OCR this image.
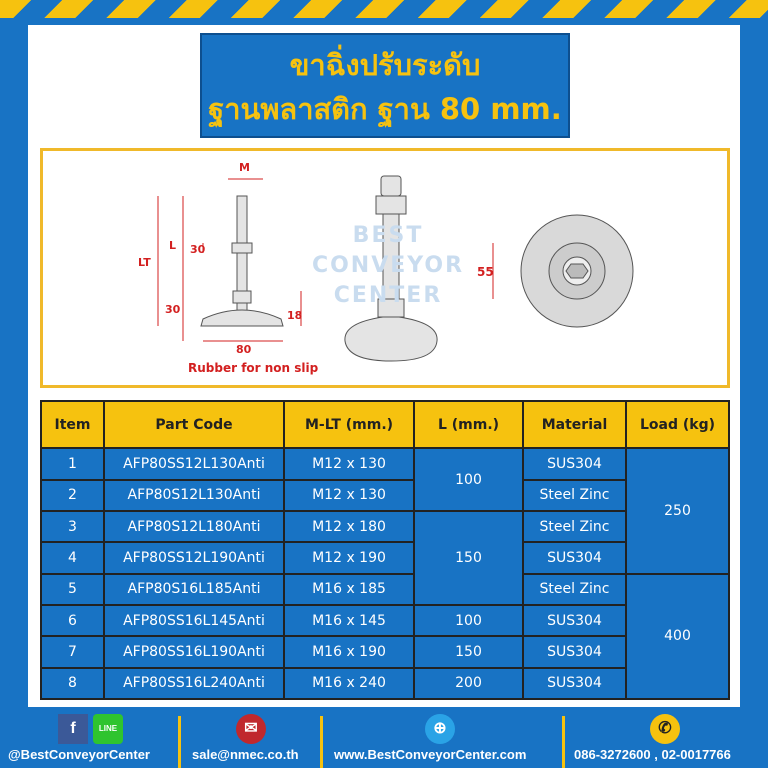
ขาฉิ่งปรับระดับ
ฐานพลาสติก ฐาน 80 mm.
BEST
CONVEYOR
CENTER
M
L
LT
30
30	18
80
Rubber for non slip
55
Item	Part Code	M-LT (mm.)	L (mm.)	Material	Load (kg)
1	AFP80SS12L130Anti	M12 x 130	100	SUS304	250
2	AFP80S12L130Anti	M12 x 130		Steel Zinc	
3	AFP80S12L180Anti	M12 x 180	150	Steel Zinc	
4	AFP80SS12L190Anti	M12 x 190		SUS304	
5	AFP80S16L185Anti	M16 x 185		Steel Zinc	400
6	AFP80SS16L145Anti	M16 x 145	100	SUS304	
7	AFP80SS16L190Anti	M16 x 190	150	SUS304	
8	AFP80SS16L240Anti	M16 x 240	200	SUS304	
f	LINE
@BestConveyorCenter
✉
sale@nmec.co.th
⊕
www.BestConveyorCenter.com
✆
086-3272600 , 02-0017766
